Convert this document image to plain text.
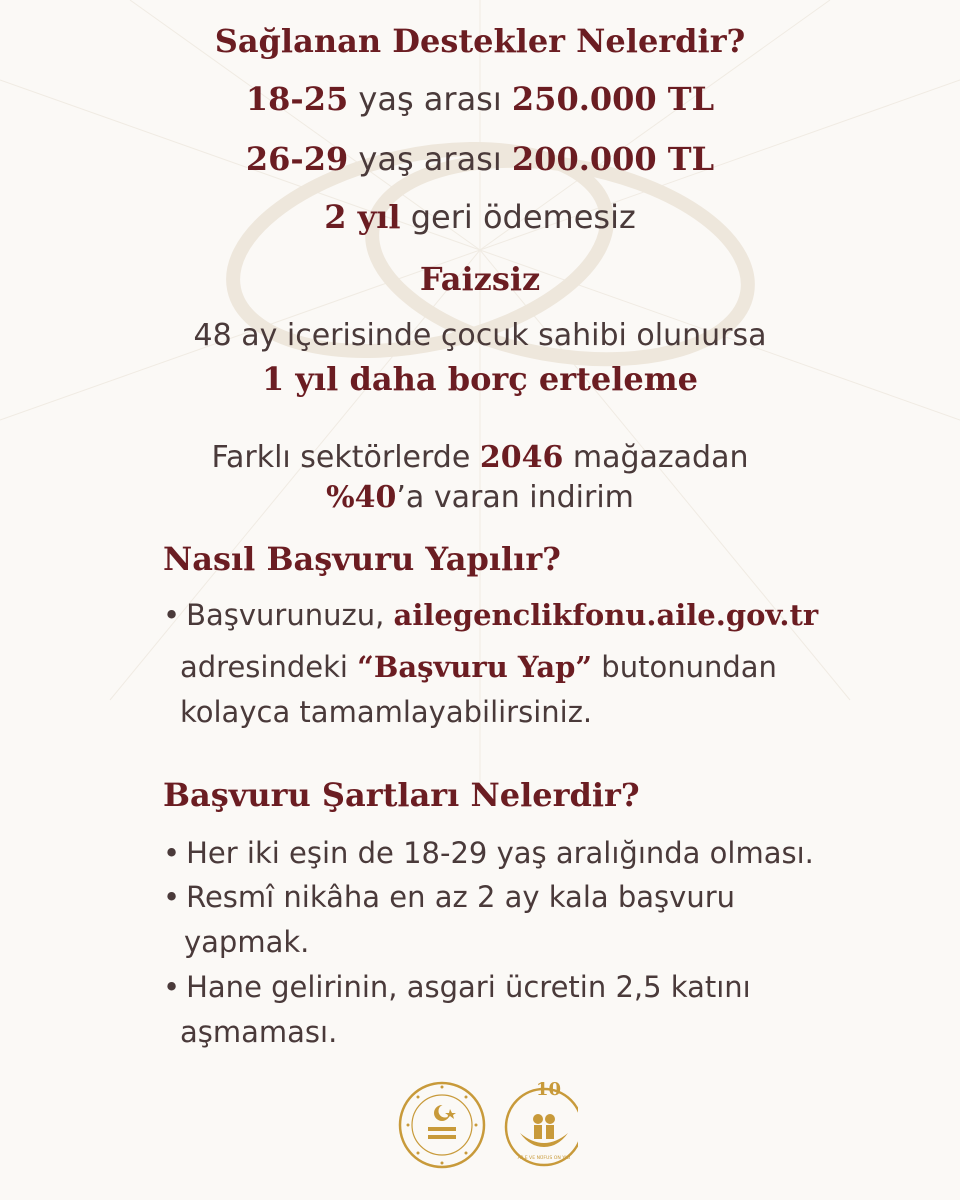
Sağlanan Destekler Nelerdir?
18-25 yaş arası 250.000 TL
26-29 yaş arası 200.000 TL
2 yıl geri ödemesiz
Faizsiz
48 ay içerisinde çocuk sahibi olunursa
1 yıl daha borç erteleme
Farklı sektörlerde 2046 mağazadan
%40’a varan indirim
Nasıl Başvuru Yapılır?
• Başvurunuzu, ailegenclikfonu.aile.gov.tr
adresindeki “Başvuru Yap” butonundan
kolayca tamamlayabilirsiniz.
Başvuru Şartları Nelerdir?
• Her iki eşin de 18-29 yaş aralığında olması.
• Resmî nikâha en az 2 ay kala başvuru
yapmak.
• Hane gelirinin, asgari ücretin 2,5 katını
aşmaması.
10
AİLE VE NÜFUS ON YILI
